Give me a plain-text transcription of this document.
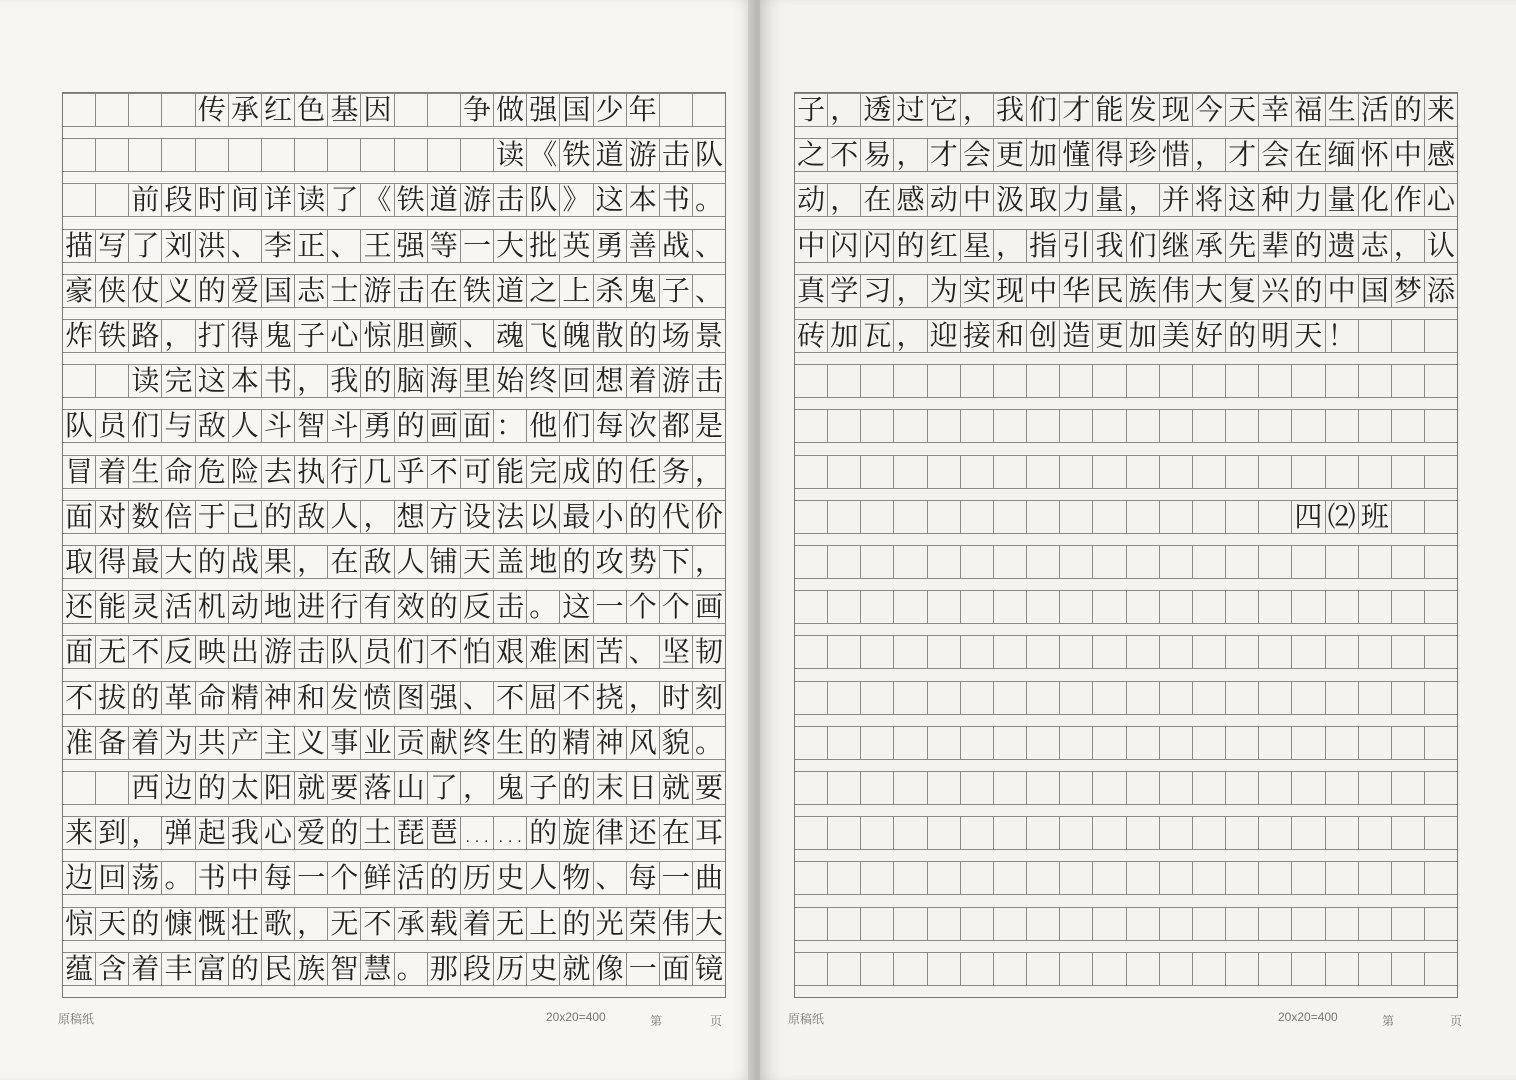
传 承 红 色 基 因	争 做 强 国 少 年
读 《 铁 道 游 击 队
前 段 时 间 详 读 了 《 铁 道 游 击 队 》 这 本 书 。
描 写 了 刘 洪 、 李 正 、 王 强 等 一 大 批 英 勇 善 战 、
豪 侠 仗 义 的 爱 国 志 士 游 击 在 铁 道 之 上 杀 鬼 子 、
炸 铁 路 ， 打 得 鬼 子 心 惊 胆 颤 、 魂 飞 魄 散 的 场 景
读 完 这 本 书 ， 我 的 脑 海 里 始 终 回 想 着 游 击
队 员 们 与 敌 人 斗 智 斗 勇 的 画 面 ： 他 们 每 次 都 是
冒 着 生 命 危 险 去 执 行 几 乎 不 可 能 完 成 的 任 务 ，
面 对 数 倍 于 己 的 敌 人 ， 想 方 设 法 以 最 小 的 代 价
取 得 最 大 的 战 果 ， 在 敌 人 铺 天 盖 地 的 攻 势 下 ，
还 能 灵 活 机 动 地 进 行 有 效 的 反 击 。 这 一 个 个 画
面 无 不 反 映 出 游 击 队 员 们 不 怕 艰 难 困 苦 、 坚 韧
不 拔 的 革 命 精 神 和 发 愤 图 强 、 不 屈 不 挠 ， 时 刻
准 备 着 为 共 产 主 义 事 业 贡 献 终 生 的 精 神 风 貌 。
西 边 的 太 阳 就 要 落 山 了 ， 鬼 子 的 末 日 就 要
来 到 ， 弹 起 我 心 爱 的 土 琵 琶 … … 的 旋 律 还 在 耳
边 回 荡 。 书 中 每 一 个 鲜 活 的 历 史 人 物 、 每 一 曲
惊 天 的 慷 慨 壮 歌 ， 无 不 承 载 着 无 上 的 光 荣 伟 大
蕴 含 着 丰 富 的 民 族 智 慧 。 那 段 历 史 就 像 一 面 镜
原稿纸	20x20=400	第	页
子 ， 透 过 它 ， 我 们 才 能 发 现 今 天 幸 福 生 活 的 来
之 不 易 ， 才 会 更 加 懂 得 珍 惜 ， 才 会 在 缅 怀 中 感
动 ， 在 感 动 中 汲 取 力 量 ， 并 将 这 种 力 量 化 作 心
中 闪 闪 的 红 星 ， 指 引 我 们 继 承 先 辈 的 遗 志 ， 认
真 学 习 ， 为 实 现 中 华 民 族 伟 大 复 兴 的 中 国 梦 添
砖 加 瓦 ， 迎 接 和 创 造 更 加 美 好 的 明 天 ！
四 ⑵ 班
原稿纸	20x20=400	第	页
